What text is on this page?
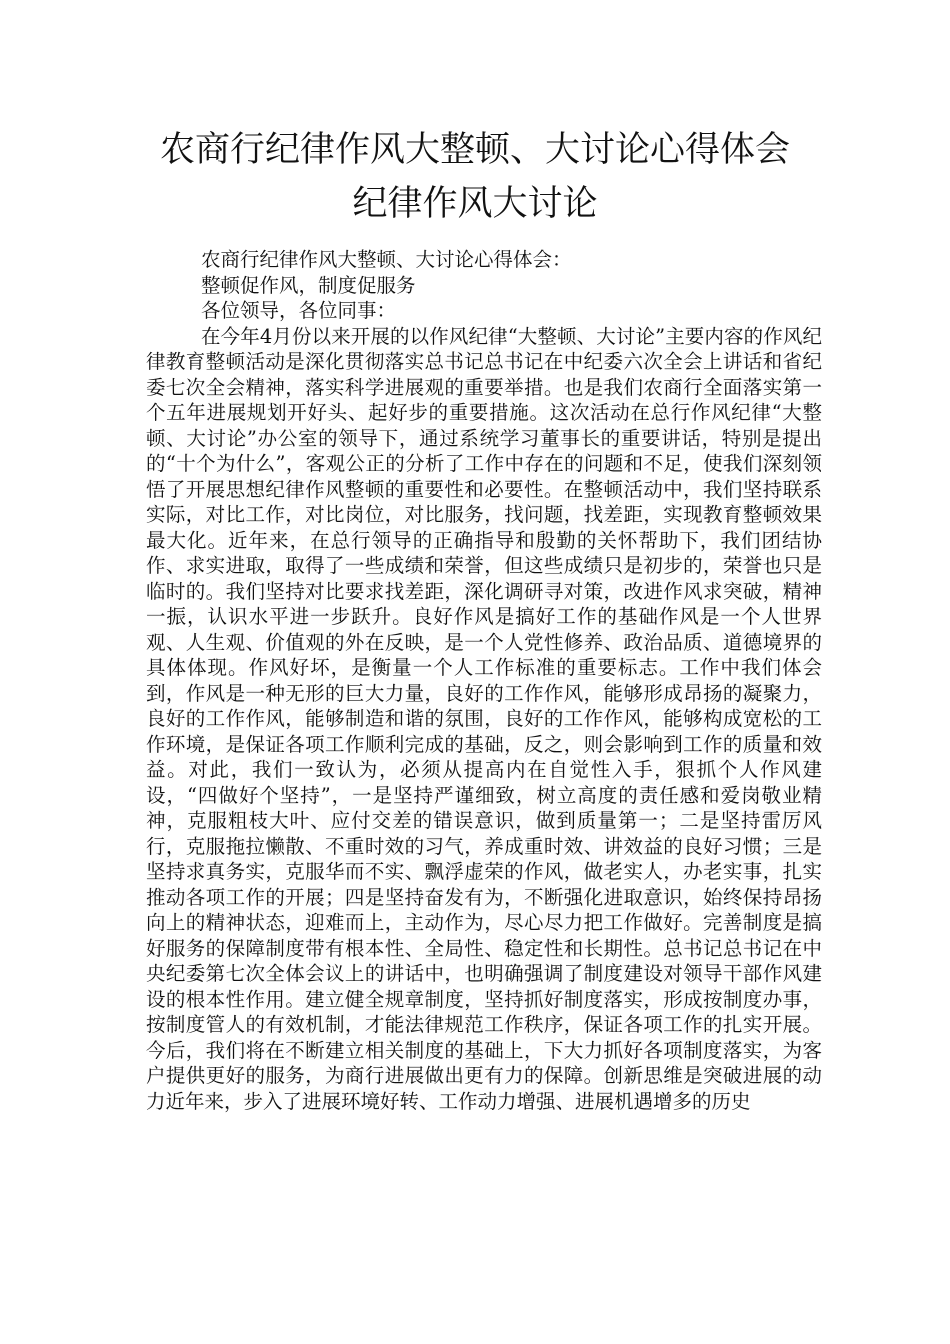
农商行纪律作风大整顿、大讨论心得体会
纪律作风大讨论
农商行纪律作风大整顿、大讨论心得体会：
整顿促作风，制度促服务
各位领导，各位同事：

在今年4月份以来开展的以作风纪律“大整顿、大讨论”主要内容的作风纪律教育整顿活动是深化贯彻落实总书记总书记在中纪委六次全会上讲话和省纪委七次全会精神，落实科学进展观的重要举措。也是我们农商行全面落实第一个五年进展规划开好头、起好步的重要措施。这次活动在总行作风纪律“大整顿、大讨论”办公室的领导下，通过系统学习董事长的重要讲话，特别是提出的“十个为什么”，客观公正的分析了工作中存在的问题和不足，使我们深刻领悟了开展思想纪律作风整顿的重要性和必要性。在整顿活动中，我们坚持联系实际，对比工作，对比岗位，对比服务，找问题，找差距，实现教育整顿效果最大化。近年来，在总行领导的正确指导和殷勤的关怀帮助下，我们团结协作、求实进取，取得了一些成绩和荣誉，但这些成绩只是初步的，荣誉也只是临时的。我们坚持对比要求找差距，深化调研寻对策，改进作风求突破，精神一振，认识水平进一步跃升。良好作风是搞好工作的基础作风是一个人世界观、人生观、价值观的外在反映，是一个人党性修养、政治品质、道德境界的具体体现。作风好坏，是衡量一个人工作标准的重要标志。工作中我们体会到，作风是一种无形的巨大力量，良好的工作作风，能够形成昂扬的凝聚力，良好的工作作风，能够制造和谐的氛围，良好的工作作风，能够构成宽松的工作环境，是保证各项工作顺利完成的基础，反之，则会影响到工作的质量和效益。对此，我们一致认为，必须从提高内在自觉性入手，狠抓个人作风建设，“四做好个坚持”，一是坚持严谨细致，树立高度的责任感和爱岗敬业精神，克服粗枝大叶、应付交差的错误意识，做到质量第一；二是坚持雷厉风行，克服拖拉懒散、不重时效的习气，养成重时效、讲效益的良好习惯；三是坚持求真务实，克服华而不实、飘浮虚荣的作风，做老实人，办老实事，扎实推动各项工作的开展；四是坚持奋发有为，不断强化进取意识，始终保持昂扬向上的精神状态，迎难而上，主动作为，尽心尽力把工作做好。完善制度是搞好服务的保障制度带有根本性、全局性、稳定性和长期性。总书记总书记在中央纪委第七次全体会议上的讲话中，也明确强调了制度建设对领导干部作风建设的根本性作用。建立健全规章制度，坚持抓好制度落实，形成按制度办事，按制度管人的有效机制，才能法律规范工作秩序，保证各项工作的扎实开展。今后，我们将在不断建立相关制度的基础上，下大力抓好各项制度落实，为客户提供更好的服务，为商行进展做出更有力的保障。创新思维是突破进展的动力近年来，步入了进展环境好转、工作动力增强、进展机遇增多的历史
